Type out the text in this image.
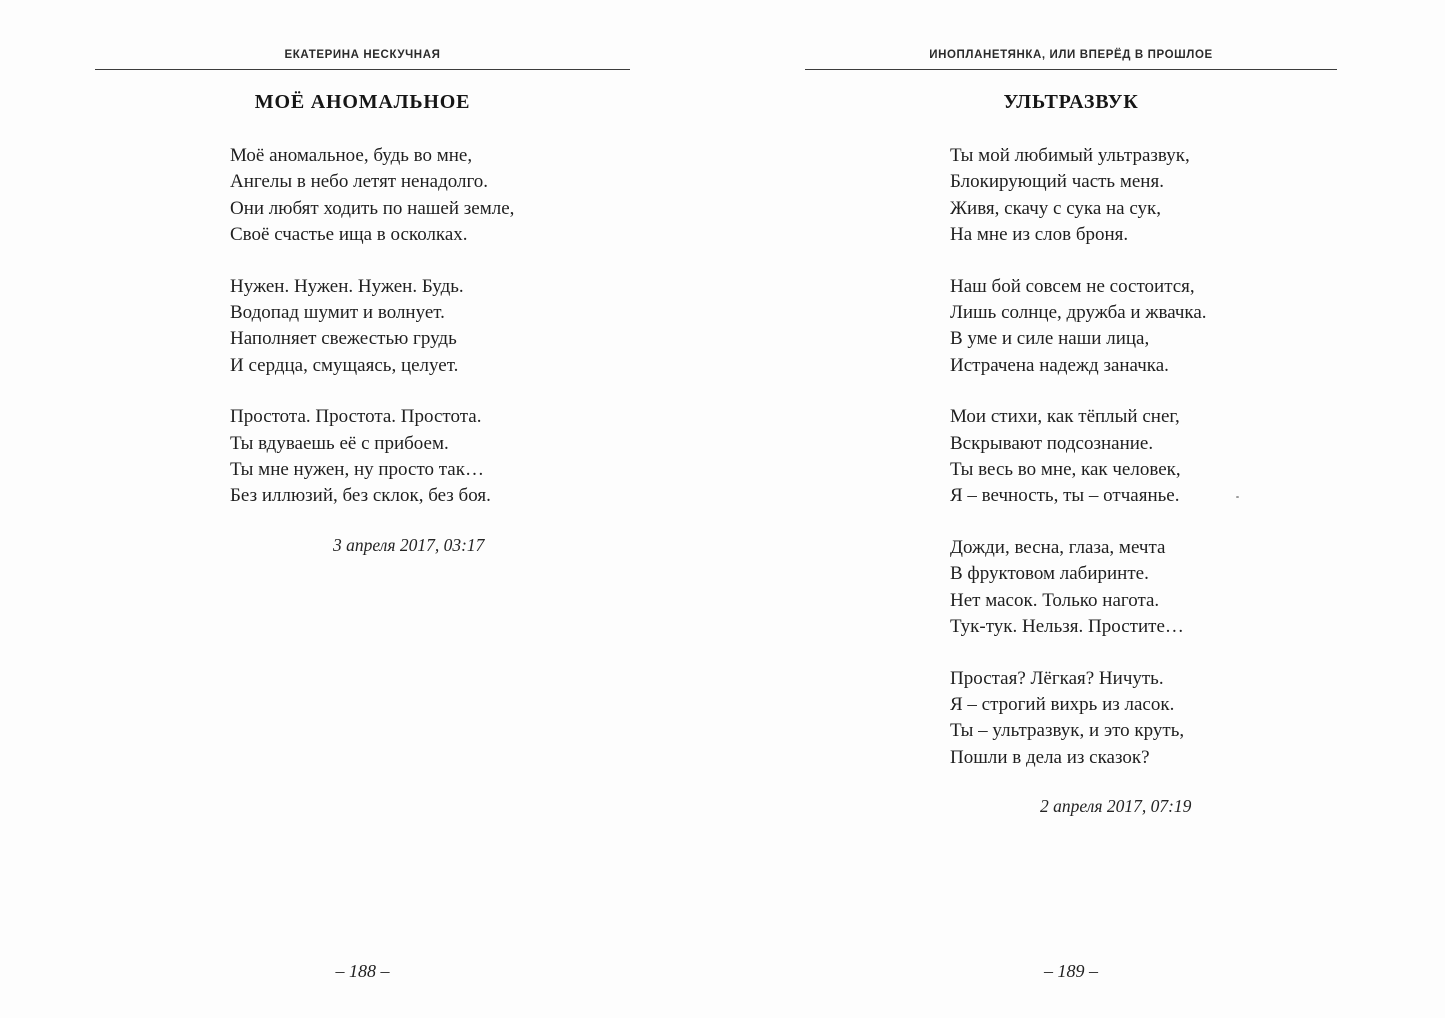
ЕКАТЕРИНА НЕСКУЧНАЯ
МОЁ АНОМАЛЬНОЕ

Моё аномальное, будь во мне,

Ангелы в небо летят ненадолго.

Они любят ходить по нашей земле,

Своё счастье ища в осколках.

Нужен. Нужен. Нужен. Будь.

Водопад шумит и волнует.

Наполняет свежестью грудь

И сердца, смущаясь, целует.

Простота. Простота. Простота.

Ты вдуваешь её с прибоем.

Ты мне нужен, ну просто так…

Без иллюзий, без склок, без боя.

3 апреля 2017, 03:17
– 188 –
ИНОПЛАНЕТЯНКА, ИЛИ ВПЕРЁД В ПРОШЛОЕ
УЛЬТРАЗВУК

Ты мой любимый ультразвук,

Блокирующий часть меня.

Живя, скачу с сука на сук,

На мне из слов броня.

Наш бой совсем не состоится,

Лишь солнце, дружба и жвачка.

В уме и силе наши лица,

Истрачена надежд заначка.

Мои стихи, как тёплый снег,

Вскрывают подсознание.

Ты весь во мне, как человек,

Я – вечность, ты – отчаянье.

Дожди, весна, глаза, мечта

В фруктовом лабиринте.

Нет масок. Только нагота.

Тук-тук. Нельзя. Простите…

Простая? Лёгкая? Ничуть.

Я – строгий вихрь из ласок.

Ты – ультразвук, и это круть,

Пошли в дела из сказок?

2 апреля 2017, 07:19
– 189 –
